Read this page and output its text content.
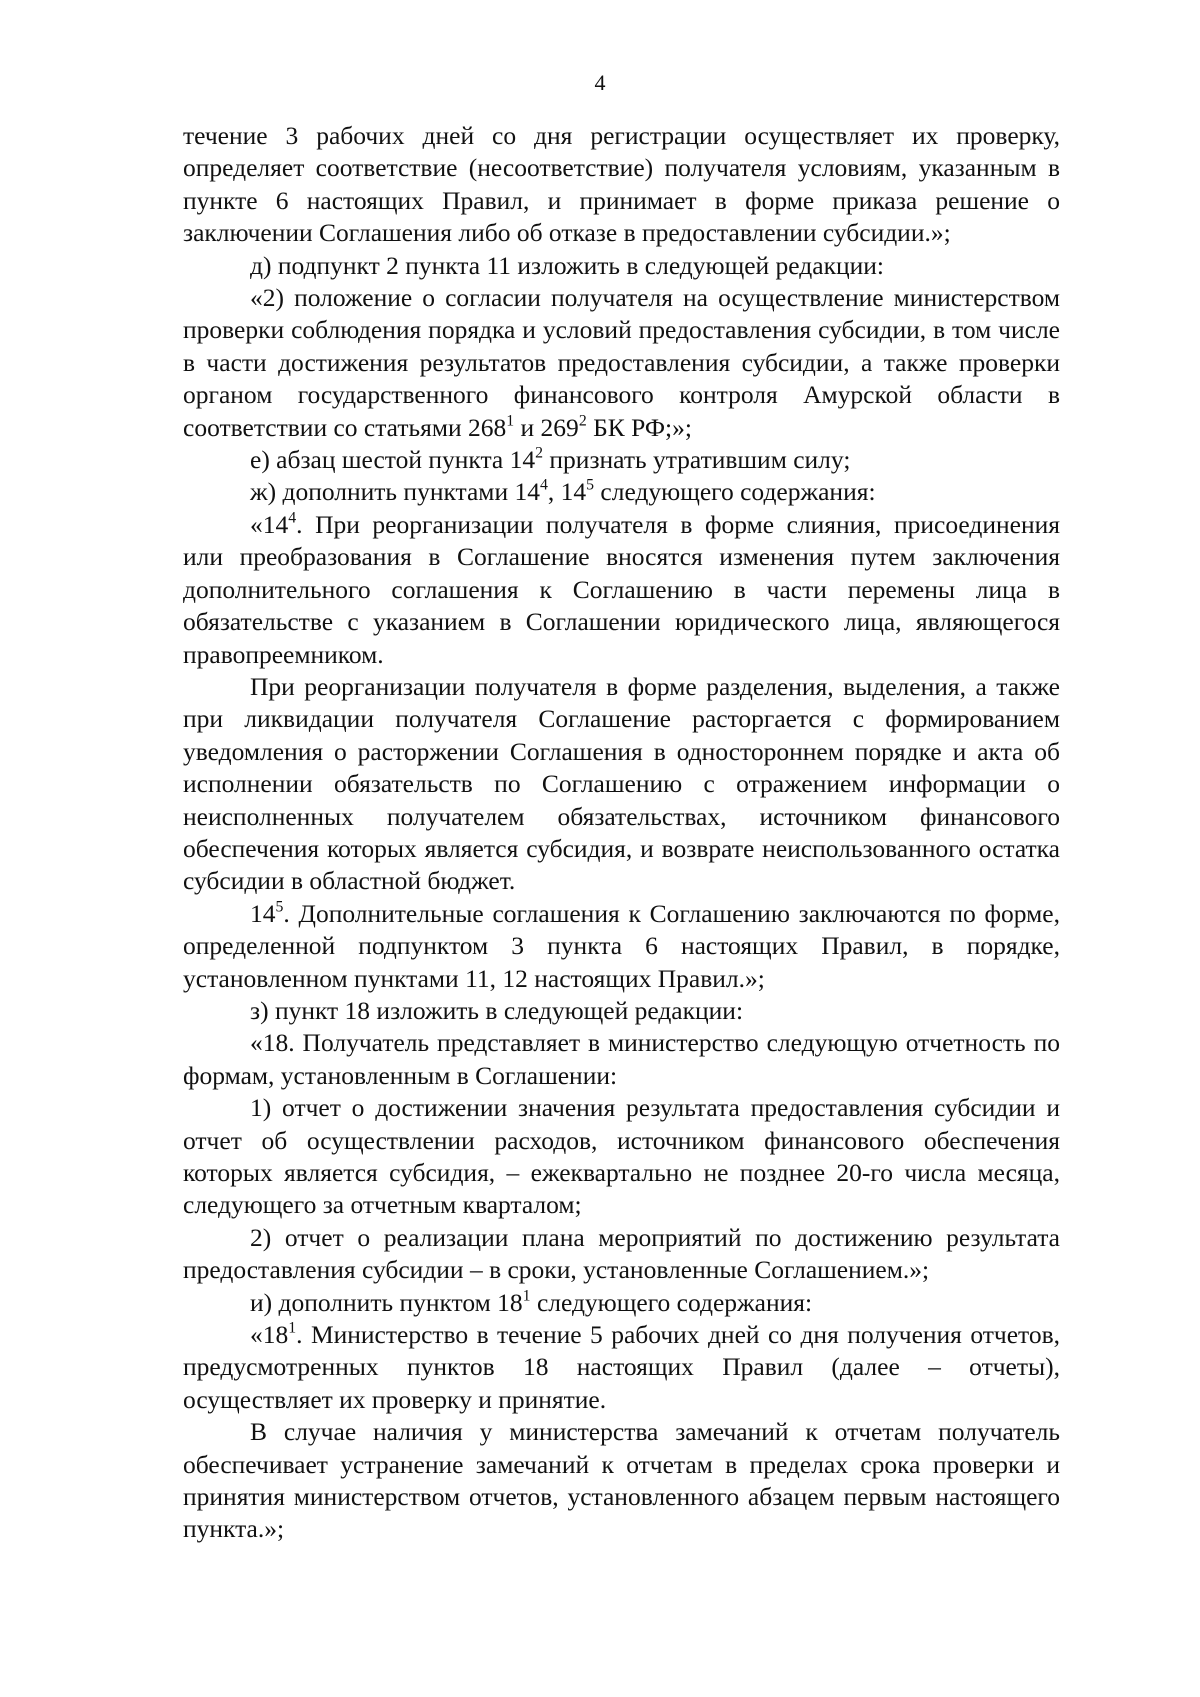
4

течение 3 рабочих дней со дня регистрации осуществляет их проверку, определяет соответствие (несоответствие) получателя условиям, указанным в пункте 6 настоящих Правил, и принимает в форме приказа решение о заключении Соглашения либо об отказе в предоставлении субсидии.»;

д) подпункт 2 пункта 11 изложить в следующей редакции:

«2) положение о согласии получателя на осуществление министерством проверки соблюдения порядка и условий предоставления субсидии, в том числе в части достижения результатов предоставления субсидии, а также проверки органом государственного финансового контроля Амурской области в соответствии со статьями $268^1$ и $269^2$ БК РФ;»;

е) абзац шестой пункта $14^2$ признать утратившим силу;

ж) дополнить пунктами $14^4$, $14^5$ следующего содержания:

«$14^4$. При реорганизации получателя в форме слияния, присоединения или преобразования в Соглашение вносятся изменения путем заключения дополнительного соглашения к Соглашению в части перемены лица в обязательстве с указанием в Соглашении юридического лица, являющегося правопреемником.

При реорганизации получателя в форме разделения, выделения, а также при ликвидации получателя Соглашение расторгается с формированием уведомления о расторжении Соглашения в одностороннем порядке и акта об исполнении обязательств по Соглашению с отражением информации о неисполненных получателем обязательствах, источником финансового обеспечения которых является субсидия, и возврате неиспользованного остатка субсидии в областной бюджет.

$14^5$. Дополнительные соглашения к Соглашению заключаются по форме, определенной подпунктом 3 пункта 6 настоящих Правил, в порядке, установленном пунктами 11, 12 настоящих Правил.»;

з) пункт 18 изложить в следующей редакции:

«18. Получатель представляет в министерство следующую отчетность по формам, установленным в Соглашении:

1) отчет о достижении значения результата предоставления субсидии и отчет об осуществлении расходов, источником финансового обеспечения которых является субсидия, – ежеквартально не позднее 20-го числа месяца, следующего за отчетным кварталом;

2) отчет о реализации плана мероприятий по достижению результата предоставления субсидии – в сроки, установленные Соглашением.»;

и) дополнить пунктом $18^1$ следующего содержания:

«$18^1$. Министерство в течение 5 рабочих дней со дня получения отчетов, предусмотренных пунктов 18 настоящих Правил (далее – отчеты), осуществляет их проверку и принятие.

В случае наличия у министерства замечаний к отчетам получатель обеспечивает устранение замечаний к отчетам в пределах срока проверки и принятия министерством отчетов, установленного абзацем первым настоящего пункта.»;
